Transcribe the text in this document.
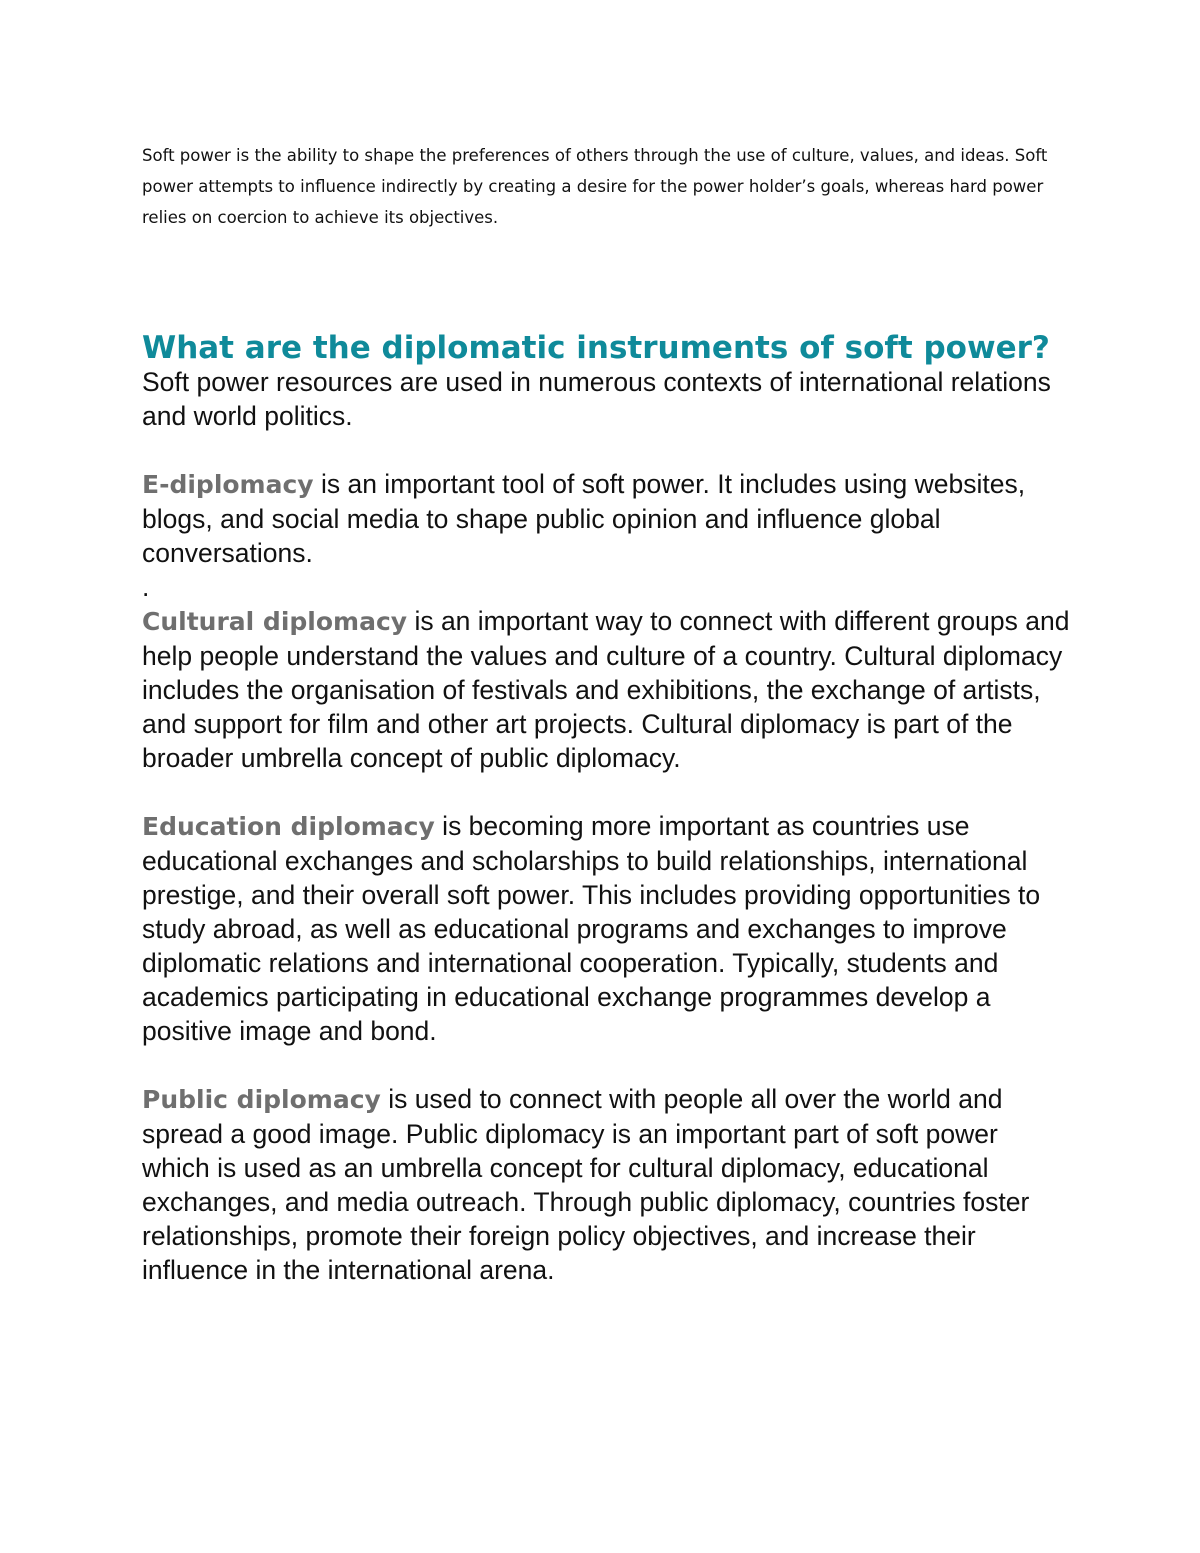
Soft power is the ability to shape the preferences of others through the use of culture, values, and ideas. Soft power attempts to influence indirectly by creating a desire for the power holder’s goals, whereas hard power relies on coercion to achieve its objectives.

What are the diplomatic instruments of soft power?

Soft power resources are used in numerous contexts of international relations and world politics.

E-diplomacy is an important tool of soft power. It includes using websites, blogs, and social media to shape public opinion and influence global conversations.

.

Cultural diplomacy is an important way to connect with different groups and help people understand the values and culture of a country. Cultural diplomacy includes the organisation of festivals and exhibitions, the exchange of artists, and support for film and other art projects. Cultural diplomacy is part of the broader umbrella concept of public diplomacy.

Education diplomacy is becoming more important as countries use educational exchanges and scholarships to build relationships, international prestige, and their overall soft power. This includes providing opportunities to study abroad, as well as educational programs and exchanges to improve diplomatic relations and international cooperation. Typically, students and academics participating in educational exchange programmes develop a positive image and bond.

Public diplomacy is used to connect with people all over the world and spread a good image. Public diplomacy is an important part of soft power which is used as an umbrella concept for cultural diplomacy, educational exchanges, and media outreach. Through public diplomacy, countries foster relationships, promote their foreign policy objectives, and increase their influence in the international arena.
